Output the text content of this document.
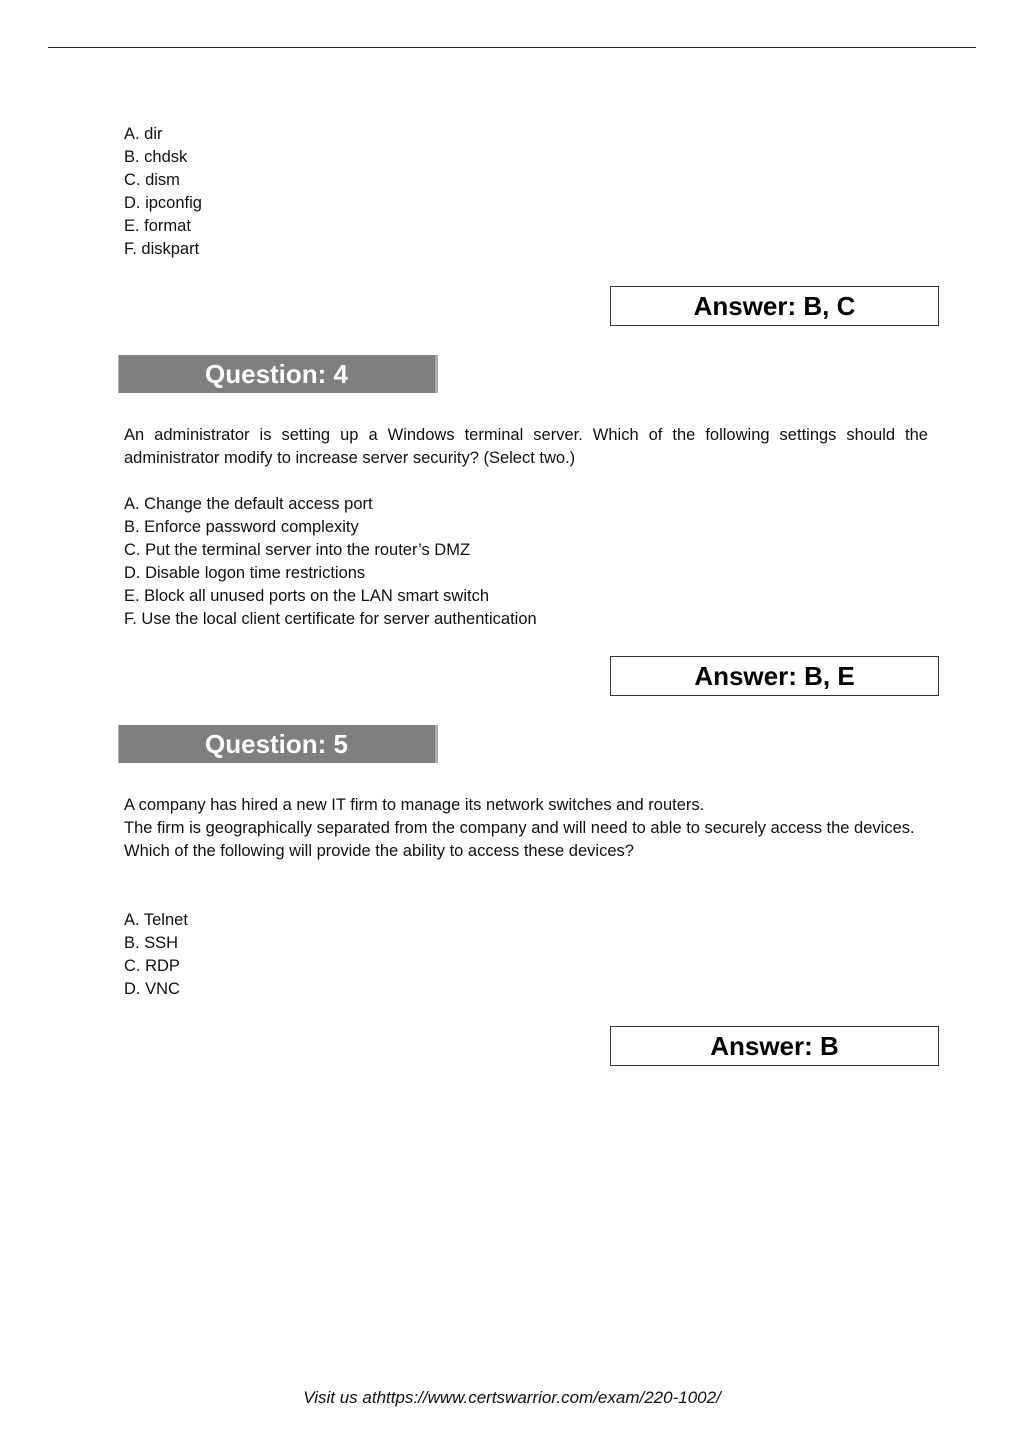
A. dir
B. chdsk
C. dism
D. ipconfig
E. format
F. diskpart
Answer: B, C
Question: 4
An administrator is setting up a Windows terminal server. Which of the following settings should the administrator modify to increase server security? (Select two.)
A. Change the default access port
B. Enforce password complexity
C. Put the terminal server into the router’s DMZ
D. Disable logon time restrictions
E. Block all unused ports on the LAN smart switch
F. Use the local client certificate for server authentication
Answer: B, E
Question: 5
A company has hired a new IT firm to manage its network switches and routers.
The firm is geographically separated from the company and will need to able to securely access the devices.
Which of the following will provide the ability to access these devices?
A. Telnet
B. SSH
C. RDP
D. VNC
Answer: B
Visit us athttps://www.certswarrior.com/exam/220-1002/
